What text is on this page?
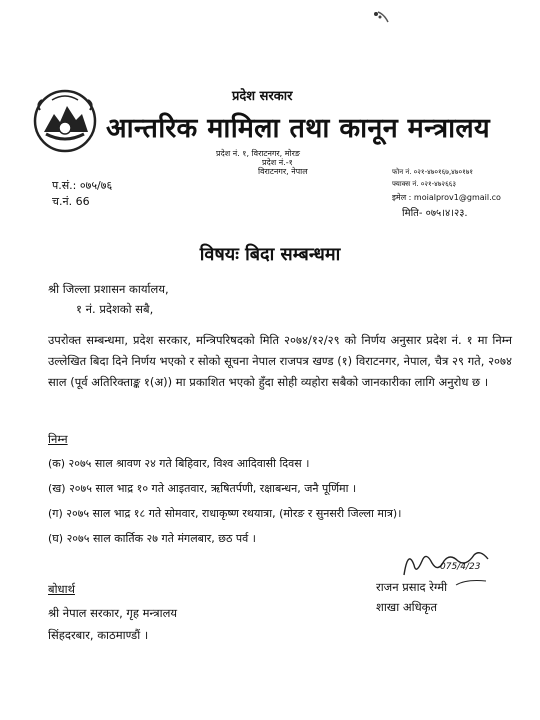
प्रदेश सरकार
आन्तरिक मामिला तथा कानून मन्त्रालय
प्रदेश नं. १, विराटनगर, मोरङ
प्रदेश नं.-१
विराटनगर, नेपाल
प.सं.: ०७५/७६
च.नं. 66
फोन नं. ०२१-४७०१६७,४७०१७१
फ्याक्स नं. ०२१-४७२६६३
इमेल : moialprov1@gmail.co
मिति- ०७५।४।२३.
विषयः बिदा सम्बन्धमा
श्री जिल्ला प्रशासन कार्यालय,
१ नं. प्रदेशको सबै,
उपरोक्त सम्बन्धमा, प्रदेश सरकार, मन्त्रिपरिषदको मिति २०७४/१२/२९ को निर्णय अनुसार प्रदेश नं. १ मा निम्न उल्लेखित बिदा दिने निर्णय भएको र सोको सूचना नेपाल राजपत्र खण्ड (१) विराटनगर, नेपाल, चैत्र २९ गते, २०७४ साल (पूर्व अतिरिक्ताङ्क १(अ)) मा प्रकाशित भएको हुँदा सोही व्यहोरा सबैको जानकारीका लागि अनुरोध छ ।
निम्न
(क) २०७५ साल श्रावण २४ गते बिहिवार, विश्व आदिवासी दिवस ।
(ख) २०७५ साल भाद्र १० गते आइतवार, ऋषितर्पणी, रक्षाबन्धन, जनै पूर्णिमा ।
(ग) २०७५ साल भाद्र १८ गते सोमवार, राधाकृष्ण रथयात्रा, (मोरङ र सुनसरी जिल्ला मात्र)।
(घ) २०७५ साल कार्तिक २७ गते मंगलबार, छठ पर्व ।
075/4/23
राजन प्रसाद रेग्मी
शाखा अधिकृत
बोधार्थ
श्री नेपाल सरकार, गृह मन्त्रालय
सिंहदरबार, काठमाण्डौं ।
